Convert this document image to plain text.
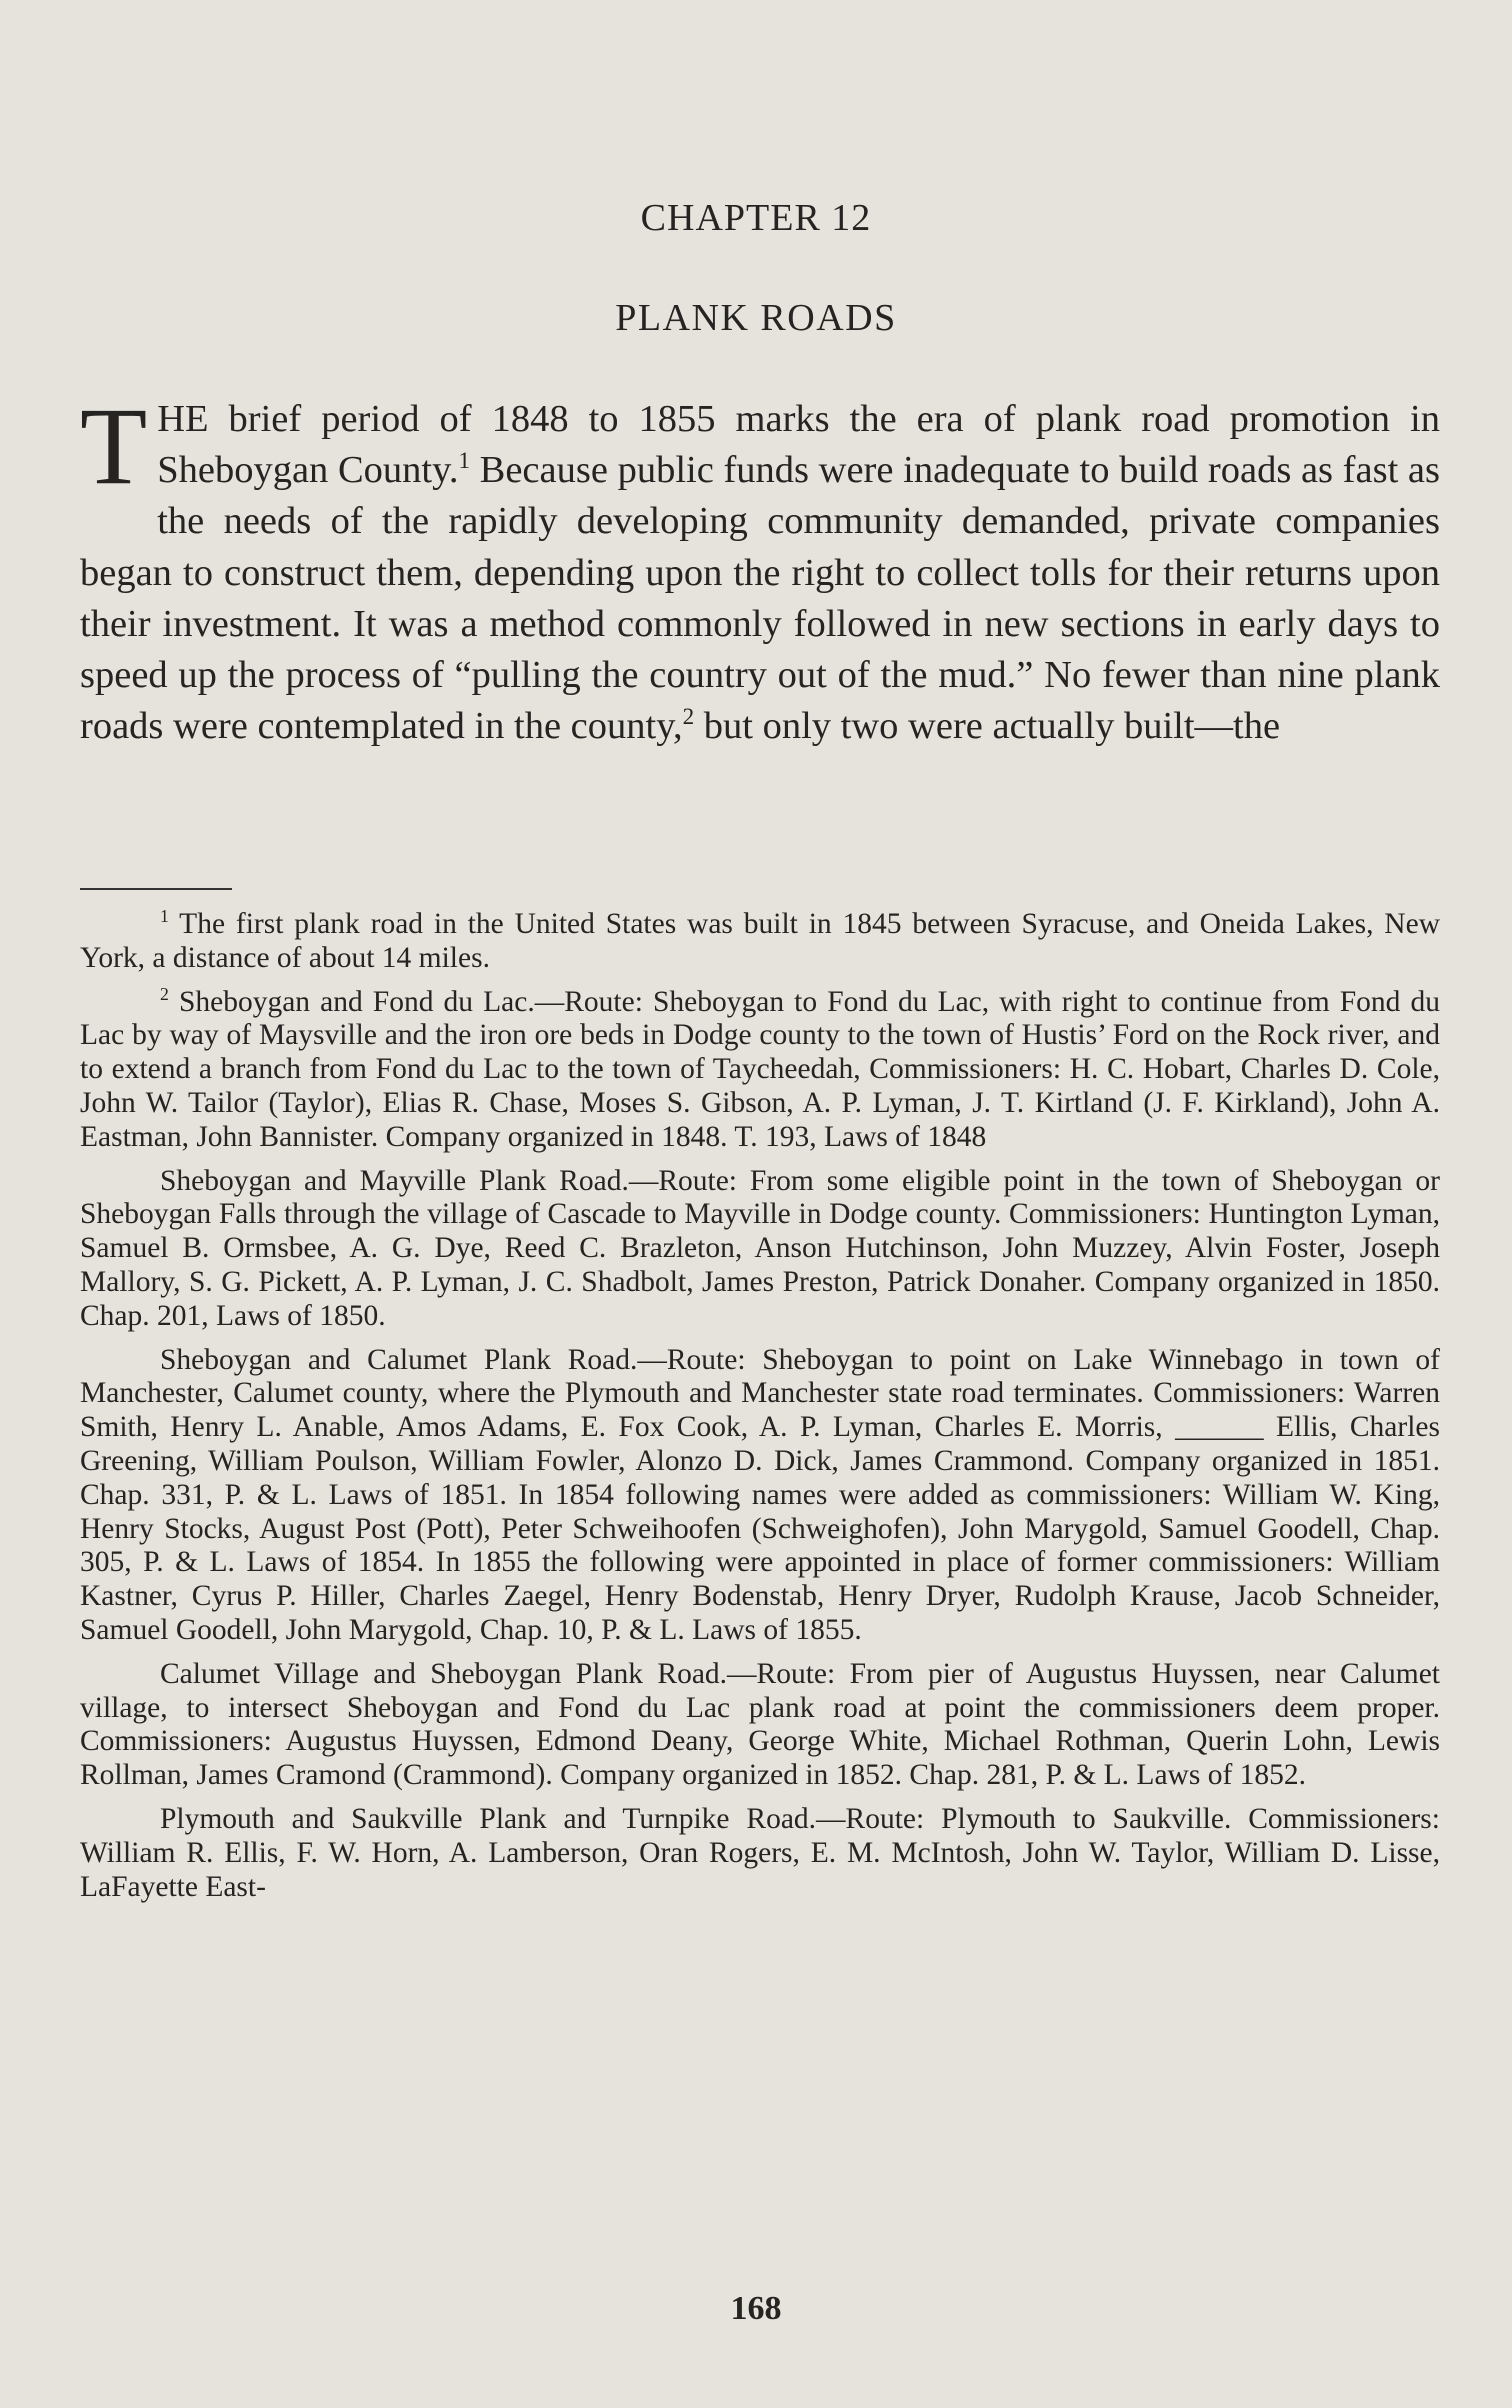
CHAPTER 12
PLANK ROADS
THE brief period of 1848 to 1855 marks the era of plank road promotion in Sheboygan County.$^1$ Because public funds were inadequate to build roads as fast as the needs of the rapidly developing community demanded, private companies began to construct them, depending upon the right to collect tolls for their returns upon their investment. It was a method commonly followed in new sections in early days to speed up the process of “pulling the country out of the mud.” No fewer than nine plank roads were contemplated in the county,$^2$ but only two were actually built—the

$^1$ The first plank road in the United States was built in 1845 between Syracuse, and Oneida Lakes, New York, a distance of about 14 miles.

$^2$ Sheboygan and Fond du Lac.—Route: Sheboygan to Fond du Lac, with right to continue from Fond du Lac by way of Maysville and the iron ore beds in Dodge county to the town of Hustis’ Ford on the Rock river, and to extend a branch from Fond du Lac to the town of Taycheedah, Commissioners: H. C. Hobart, Charles D. Cole, John W. Tailor (Taylor), Elias R. Chase, Moses S. Gibson, A. P. Lyman, J. T. Kirtland (J. F. Kirkland), John A. Eastman, John Bannister. Company organized in 1848. T. 193, Laws of 1848

Sheboygan and Mayville Plank Road.—Route: From some eligible point in the town of Sheboygan or Sheboygan Falls through the village of Cascade to Mayville in Dodge county. Commissioners: Huntington Lyman, Samuel B. Ormsbee, A. G. Dye, Reed C. Brazleton, Anson Hutchinson, John Muzzey, Alvin Foster, Joseph Mallory, S. G. Pickett, A. P. Lyman, J. C. Shadbolt, James Preston, Patrick Donaher. Company organized in 1850. Chap. 201, Laws of 1850.

Sheboygan and Calumet Plank Road.—Route: Sheboygan to point on Lake Winnebago in town of Manchester, Calumet county, where the Plymouth and Manchester state road terminates. Commissioners: Warren Smith, Henry L. Anable, Amos Adams, E. Fox Cook, A. P. Lyman, Charles E. Morris, ______ Ellis, Charles Greening, William Poulson, William Fowler, Alonzo D. Dick, James Crammond. Company organized in 1851. Chap. 331, P. & L. Laws of 1851. In 1854 following names were added as commissioners: William W. King, Henry Stocks, August Post (Pott), Peter Schweihoofen (Schweighofen), John Marygold, Samuel Goodell, Chap. 305, P. & L. Laws of 1854. In 1855 the following were appointed in place of former commissioners: William Kastner, Cyrus P. Hiller, Charles Zaegel, Henry Bodenstab, Henry Dryer, Rudolph Krause, Jacob Schneider, Samuel Goodell, John Marygold, Chap. 10, P. & L. Laws of 1855.

Calumet Village and Sheboygan Plank Road.—Route: From pier of Augustus Huyssen, near Calumet village, to intersect Sheboygan and Fond du Lac plank road at point the commissioners deem proper. Commissioners: Augustus Huyssen, Edmond Deany, George White, Michael Rothman, Querin Lohn, Lewis Rollman, James Cramond (Crammond). Company organized in 1852. Chap. 281, P. & L. Laws of 1852.

Plymouth and Saukville Plank and Turnpike Road.—Route: Plymouth to Saukville. Commissioners: William R. Ellis, F. W. Horn, A. Lamberson, Oran Rogers, E. M. McIntosh, John W. Taylor, William D. Lisse, LaFayette East-

168
